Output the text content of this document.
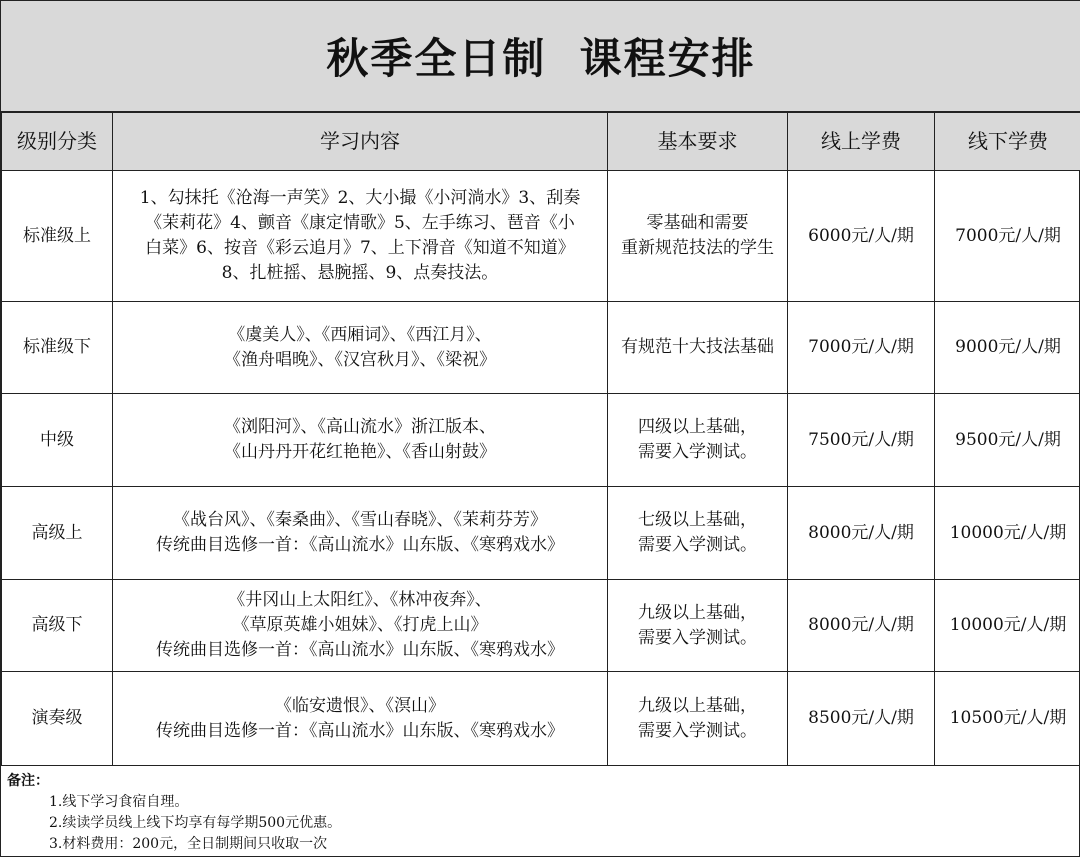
秋季全日制  课程安排
级别分类	学习内容	基本要求	线上学费	线下学费
标准级上	1、勾抹托《沧海一声笑》2、大小撮《小河淌水》3、刮奏
《茉莉花》4、颤音《康定情歌》5、左手练习、琶音《小
白菜》6、按音《彩云追月》7、上下滑音《知道不知道》
8、扎桩摇、悬腕摇、9、点奏技法。	零基础和需要
重新规范技法的学生	6000元/人/期	7000元/人/期
标准级下	《虞美人》、《西厢词》、《西江月》、
《渔舟唱晚》、《汉宫秋月》、《梁祝》	有规范十大技法基础	7000元/人/期	9000元/人/期
中级	《浏阳河》、《高山流水》浙江版本、
《山丹丹开花红艳艳》、《香山射鼓》	四级以上基础，
需要入学测试。	7500元/人/期	9500元/人/期
高级上	《战台风》、《秦桑曲》、《雪山春晓》、《茉莉芬芳》
传统曲目选修一首：《高山流水》山东版、《寒鸦戏水》	七级以上基础，
需要入学测试。	8000元/人/期	10000元/人/期
高级下	《井冈山上太阳红》、《林冲夜奔》、
《草原英雄小姐妹》、《打虎上山》
传统曲目选修一首：《高山流水》山东版、《寒鸦戏水》	九级以上基础，
需要入学测试。	8000元/人/期	10000元/人/期
演奏级	《临安遗恨》、《溟山》
传统曲目选修一首：《高山流水》山东版、《寒鸦戏水》	九级以上基础，
需要入学测试。	8500元/人/期	10500元/人/期
备注：
1.线下学习食宿自理。
2.续读学员线上线下均享有每学期500元优惠。
3.材料费用：200元，全日制期间只收取一次
